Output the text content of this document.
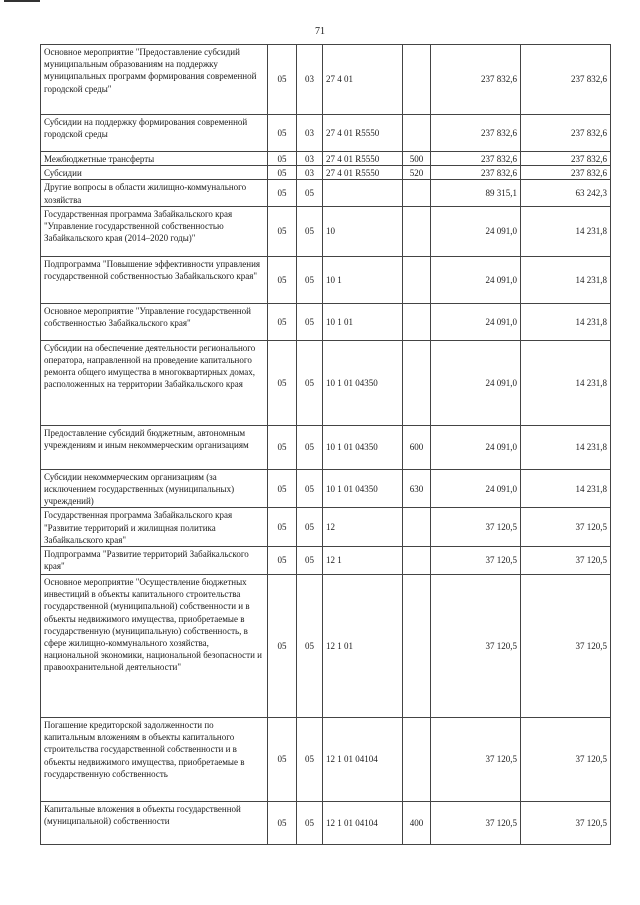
71
Основное мероприятие "Предоставление субсидий муниципальным образованиям на поддержку муниципальных программ формирования современной городской среды"	05	03	27 4 01		237 832,6	237 832,6
Субсидии на поддержку формирования современной городской среды	05	03	27 4 01 R5550		237 832,6	237 832,6
Межбюджетные трансферты	05	03	27 4 01 R5550	500	237 832,6	237 832,6
Субсидии	05	03	27 4 01 R5550	520	237 832,6	237 832,6
Другие вопросы в области жилищно-коммунального хозяйства	05	05			89 315,1	63 242,3
Государственная программа Забайкальского края "Управление государственной собственностью Забайкальского края (2014–2020 годы)"	05	05	10		24 091,0	14 231,8
Подпрограмма "Повышение эффективности управления государственной собственностью Забайкальского края"	05	05	10 1		24 091,0	14 231,8
Основное мероприятие "Управление государственной собственностью Забайкальского края"	05	05	10 1 01		24 091,0	14 231,8
Субсидии на обеспечение деятельности регионального оператора, направленной на проведение капитального ремонта общего имущества в многоквартирных домах, расположенных на территории Забайкальского края	05	05	10 1 01 04350		24 091,0	14 231,8
Предоставление субсидий бюджетным, автономным учреждениям и иным некоммерческим организациям	05	05	10 1 01 04350	600	24 091,0	14 231,8
Субсидии некоммерческим организациям (за исключением государственных (муниципальных) учреждений)	05	05	10 1 01 04350	630	24 091,0	14 231,8
Государственная программа Забайкальского края "Развитие территорий и жилищная политика Забайкальского края"	05	05	12		37 120,5	37 120,5
Подпрограмма "Развитие территорий Забайкальского края"	05	05	12 1		37 120,5	37 120,5
Основное мероприятие "Осуществление бюджетных инвестиций в объекты капитального строительства государственной (муниципальной) собственности и в объекты недвижимого имущества, приобретаемые в государственную (муниципальную) собственность, в сфере жилищно-коммунального хозяйства, национальной экономики, национальной безопасности и правоохранительной деятельности"	05	05	12 1 01		37 120,5	37 120,5
Погашение кредиторской задолженности по капитальным вложениям в объекты капитального строительства государственной собственности и в объекты недвижимого имущества, приобретаемые в государственную собственность	05	05	12 1 01 04104		37 120,5	37 120,5
Капитальные вложения в объекты государственной (муниципальной) собственности	05	05	12 1 01 04104	400	37 120,5	37 120,5
